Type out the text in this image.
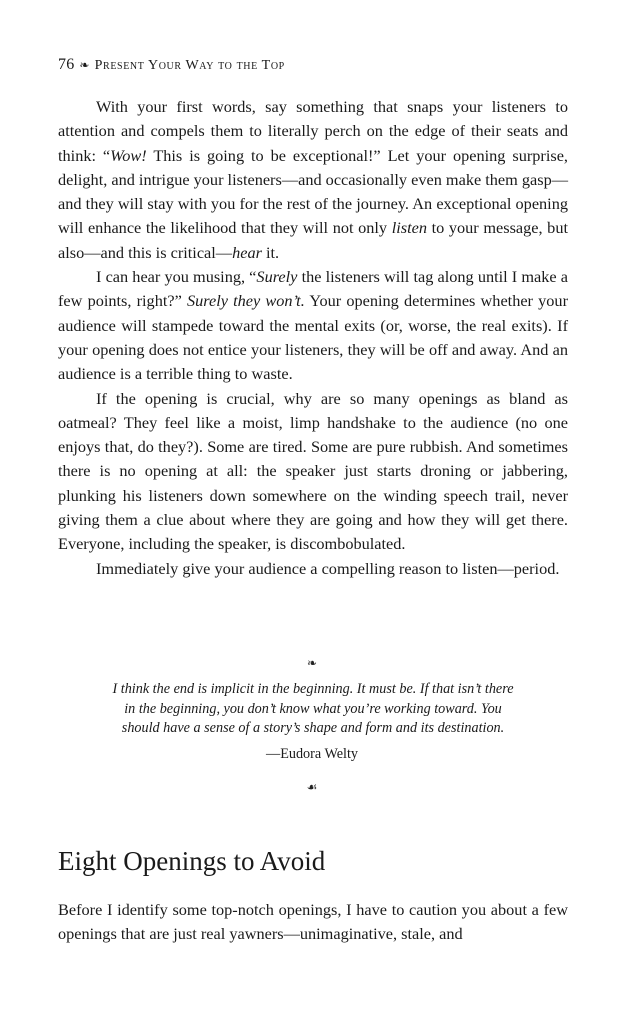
76 ❧ Present Your Way to the Top

With your first words, say something that snaps your listeners to attention and compels them to literally perch on the edge of their seats and think: “Wow! This is going to be exceptional!” Let your opening surprise, delight, and intrigue your listeners—and occasionally even make them gasp—and they will stay with you for the rest of the journey. An exceptional opening will enhance the likelihood that they will not only listen to your message, but also—and this is critical—hear it.

I can hear you musing, “Surely the listeners will tag along until I make a few points, right?” Surely they won’t. Your opening determines whether your audience will stampede toward the mental exits (or, worse, the real exits). If your opening does not entice your listeners, they will be off and away. And an audience is a terrible thing to waste.

If the opening is crucial, why are so many openings as bland as oatmeal? They feel like a moist, limp handshake to the audience (no one enjoys that, do they?). Some are tired. Some are pure rubbish. And sometimes there is no opening at all: the speaker just starts droning or jabbering, plunking his listeners down somewhere on the winding speech trail, never giving them a clue about where they are going and how they will get there. Everyone, including the speaker, is discombobulated.

Immediately give your audience a compelling reason to listen—period.

❧
I think the end is implicit in the beginning. It must be. If that isn’t there
in the beginning, you don’t know what you’re working toward. You
should have a sense of a story’s shape and form and its destination.
—Eudora Welty
☙
Eight Openings to Avoid

Before I identify some top-notch openings, I have to caution you about a few openings that are just real yawners—unimaginative, stale, and
